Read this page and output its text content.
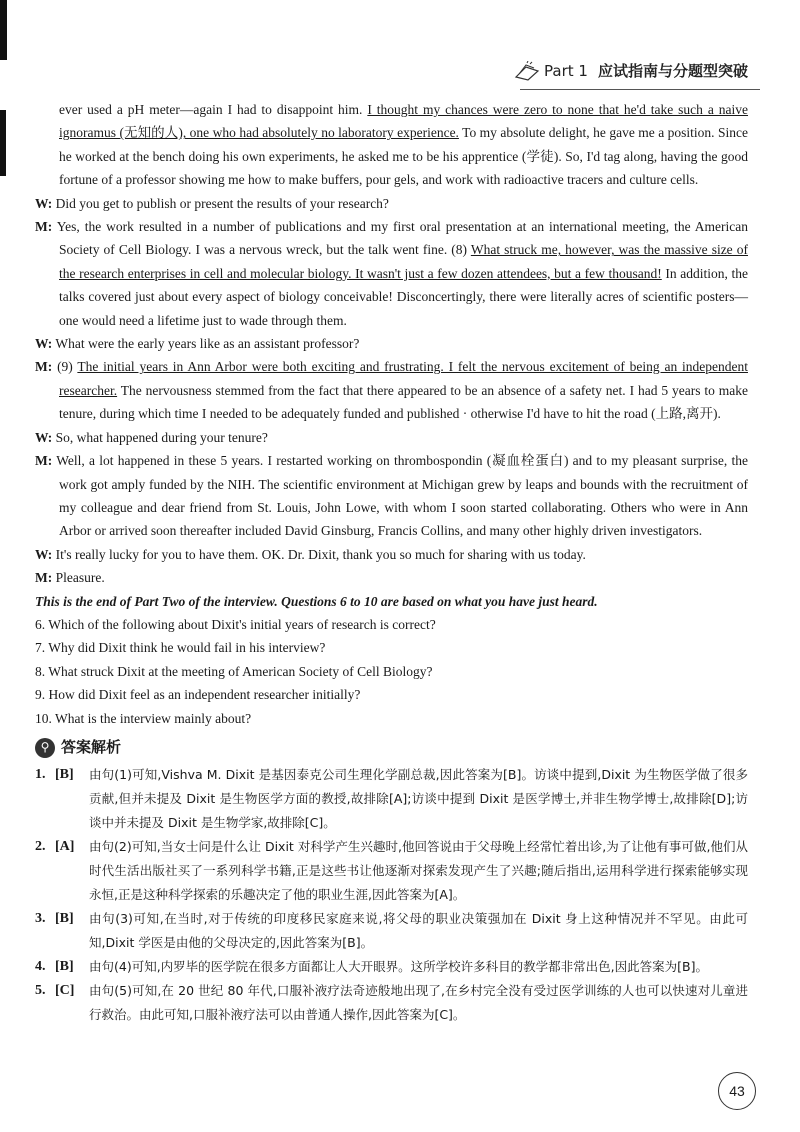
Part 1 应试指南与分题型突破

ever used a pH meter—again I had to disappoint him. I thought my chances were zero to none that he'd take such a naive ignoramus (无知的人), one who had absolutely no laboratory experience. To my absolute delight, he gave me a position. Since he worked at the bench doing his own experiments, he asked me to be his apprentice (学徒). So, I'd tag along, having the good fortune of a professor showing me how to make buffers, pour gels, and work with radioactive tracers and culture cells.

W: Did you get to publish or present the results of your research?

M: Yes, the work resulted in a number of publications and my first oral presentation at an international meeting, the American Society of Cell Biology. I was a nervous wreck, but the talk went fine. (8) What struck me, however, was the massive size of the research enterprises in cell and molecular biology. It wasn't just a few dozen attendees, but a few thousand! In addition, the talks covered just about every aspect of biology conceivable! Disconcertingly, there were literally acres of scientific posters—one would need a lifetime just to wade through them.

W: What were the early years like as an assistant professor?

M: (9) The initial years in Ann Arbor were both exciting and frustrating. I felt the nervous excitement of being an independent researcher. The nervousness stemmed from the fact that there appeared to be an absence of a safety net. I had 5 years to make tenure, during which time I needed to be adequately funded and published · otherwise I'd have to hit the road (上路,离开).

W: So, what happened during your tenure?

M: Well, a lot happened in these 5 years. I restarted working on thrombospondin (凝血栓蛋白) and to my pleasant surprise, the work got amply funded by the NIH. The scientific environment at Michigan grew by leaps and bounds with the recruitment of my colleague and dear friend from St. Louis, John Lowe, with whom I soon started collaborating. Others who were in Ann Arbor or arrived soon thereafter included David Ginsburg, Francis Collins, and many other highly driven investigators.

W: It's really lucky for you to have them. OK. Dr. Dixit, thank you so much for sharing with us today.

M: Pleasure.

This is the end of Part Two of the interview. Questions 6 to 10 are based on what you have just heard.

6. Which of the following about Dixit's initial years of research is correct?

7. Why did Dixit think he would fail in his interview?

8. What struck Dixit at the meeting of American Society of Cell Biology?

9. How did Dixit feel as an independent researcher initially?

10. What is the interview mainly about?

⚲ 答案解析
1. [B]	由句(1)可知,Vishva M. Dixit 是基因泰克公司生理化学副总裁,因此答案为[B]。访谈中提到,Dixit 为生物医学做了很多贡献,但并未提及 Dixit 是生物医学方面的教授,故排除[A];访谈中提到 Dixit 是医学博士,并非生物学博士,故排除[D];访谈中并未提及 Dixit 是生物学家,故排除[C]。
2. [A]	由句(2)可知,当女士问是什么让 Dixit 对科学产生兴趣时,他回答说由于父母晚上经常忙着出诊,为了让他有事可做,他们从时代生活出版社买了一系列科学书籍,正是这些书让他逐渐对探索发现产生了兴趣;随后指出,运用科学进行探索能够实现永恒,正是这种科学探索的乐趣决定了他的职业生涯,因此答案为[A]。
3. [B]	由句(3)可知,在当时,对于传统的印度移民家庭来说,将父母的职业决策强加在 Dixit 身上这种情况并不罕见。由此可知,Dixit 学医是由他的父母决定的,因此答案为[B]。
4. [B]	由句(4)可知,内罗毕的医学院在很多方面都让人大开眼界。这所学校许多科目的教学都非常出色,因此答案为[B]。
5. [C]	由句(5)可知,在 20 世纪 80 年代,口服补液疗法奇迹般地出现了,在乡村完全没有受过医学训练的人也可以快速对儿童进行救治。由此可知,口服补液疗法可以由普通人操作,因此答案为[C]。
43
